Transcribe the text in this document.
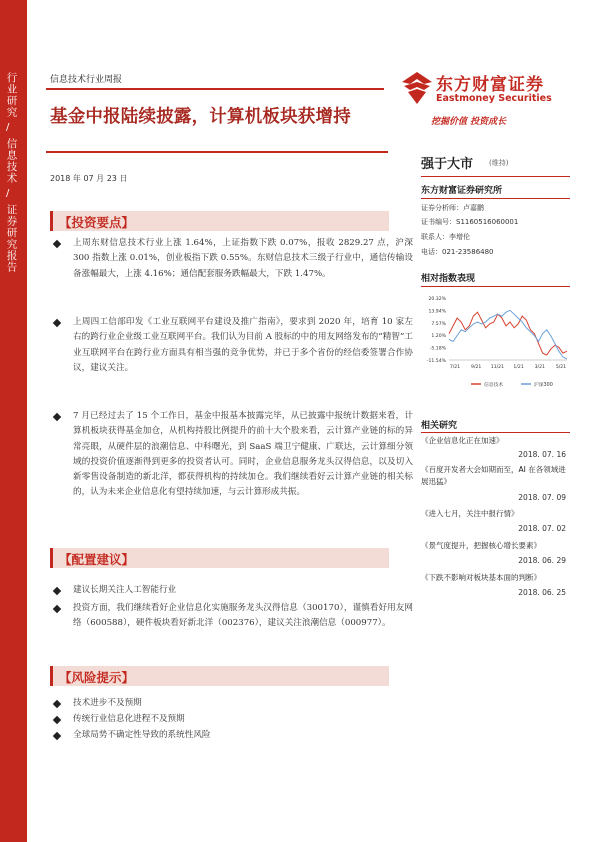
行业研究
/
信息技术
/
证券研究报告
信息技术行业周报
基金中报陆续披露，计算机板块获增持
2018 年 07 月 23 日
东方财富证券
Eastmoney Securities
挖掘价值 投资成长
【投资要点】
上周东财信息技术行业上涨 1.64%，上证指数下跌 0.07%，报收 2829.27 点，沪深 300 指数上涨 0.01%，创业板指下跌 0.55%。东财信息技术三级子行业中，通信传输设备涨幅最大，上涨 4.16%；通信配套服务跌幅最大，下跌 1.47%。
上周四工信部印发《工业互联网平台建设及推广指南》，要求到 2020 年，培育 10 家左右的跨行业企业级工业互联网平台。我们认为目前 A 股标的中的用友网络发布的“精智”工业互联网平台在跨行业方面具有相当强的竞争优势，并已于多个省份的经信委签署合作协议，建议关注。
7 月已经过去了 15 个工作日，基金中报基本披露完毕，从已披露中报统计数据来看，计算机板块获得基金加仓，从机构持股比例提升的前十大个股来看，云计算产业链的标的异常亮眼，从硬件层的浪潮信息、中科曙光，到 SaaS 端卫宁健康、广联达，云计算细分领域的投资价值逐渐得到更多的投资者认可。同时，企业信息服务龙头汉得信息，以及切入新零售设备制造的新北洋，都获得机构的持续加仓。我们继续看好云计算产业链的相关标的，认为未来企业信息化有望持续加速，与云计算形成共振。
【配置建议】
建议长期关注人工智能行业
投资方面，我们继续看好企业信息化实施服务龙头汉得信息（300170），谨慎看好用友网络（600588），硬件板块看好新北洋（002376），建议关注浪潮信息（000977）。
【风险提示】
技术进步不及预期
传统行业信息化进程不及预期
全球局势不确定性导致的系统性风险
强于大市 (维持)
东方财富证券研究所
证券分析师：卢嘉鹏
证书编号：S1160516060001
联系人：李增伦
电话：021-23586480
相对指数表现
20.32%
13.94%
7.57%
1.20%
-5.18%
-11.54%
7/21 9/21 11/21 1/21 3/21 5/21
信息技术	沪深300
相关研究
《企业信息化正在加速》
2018. 07. 16
《百度开发者大会如期而至，AI 在各领域进展迅猛》
2018. 07. 09
《进入七月，关注中报行情》
2018. 07. 02
《景气度提升，把握核心增长要素》
2018. 06. 29
《下跌不影响对板块基本面的判断》
2018. 06. 25
